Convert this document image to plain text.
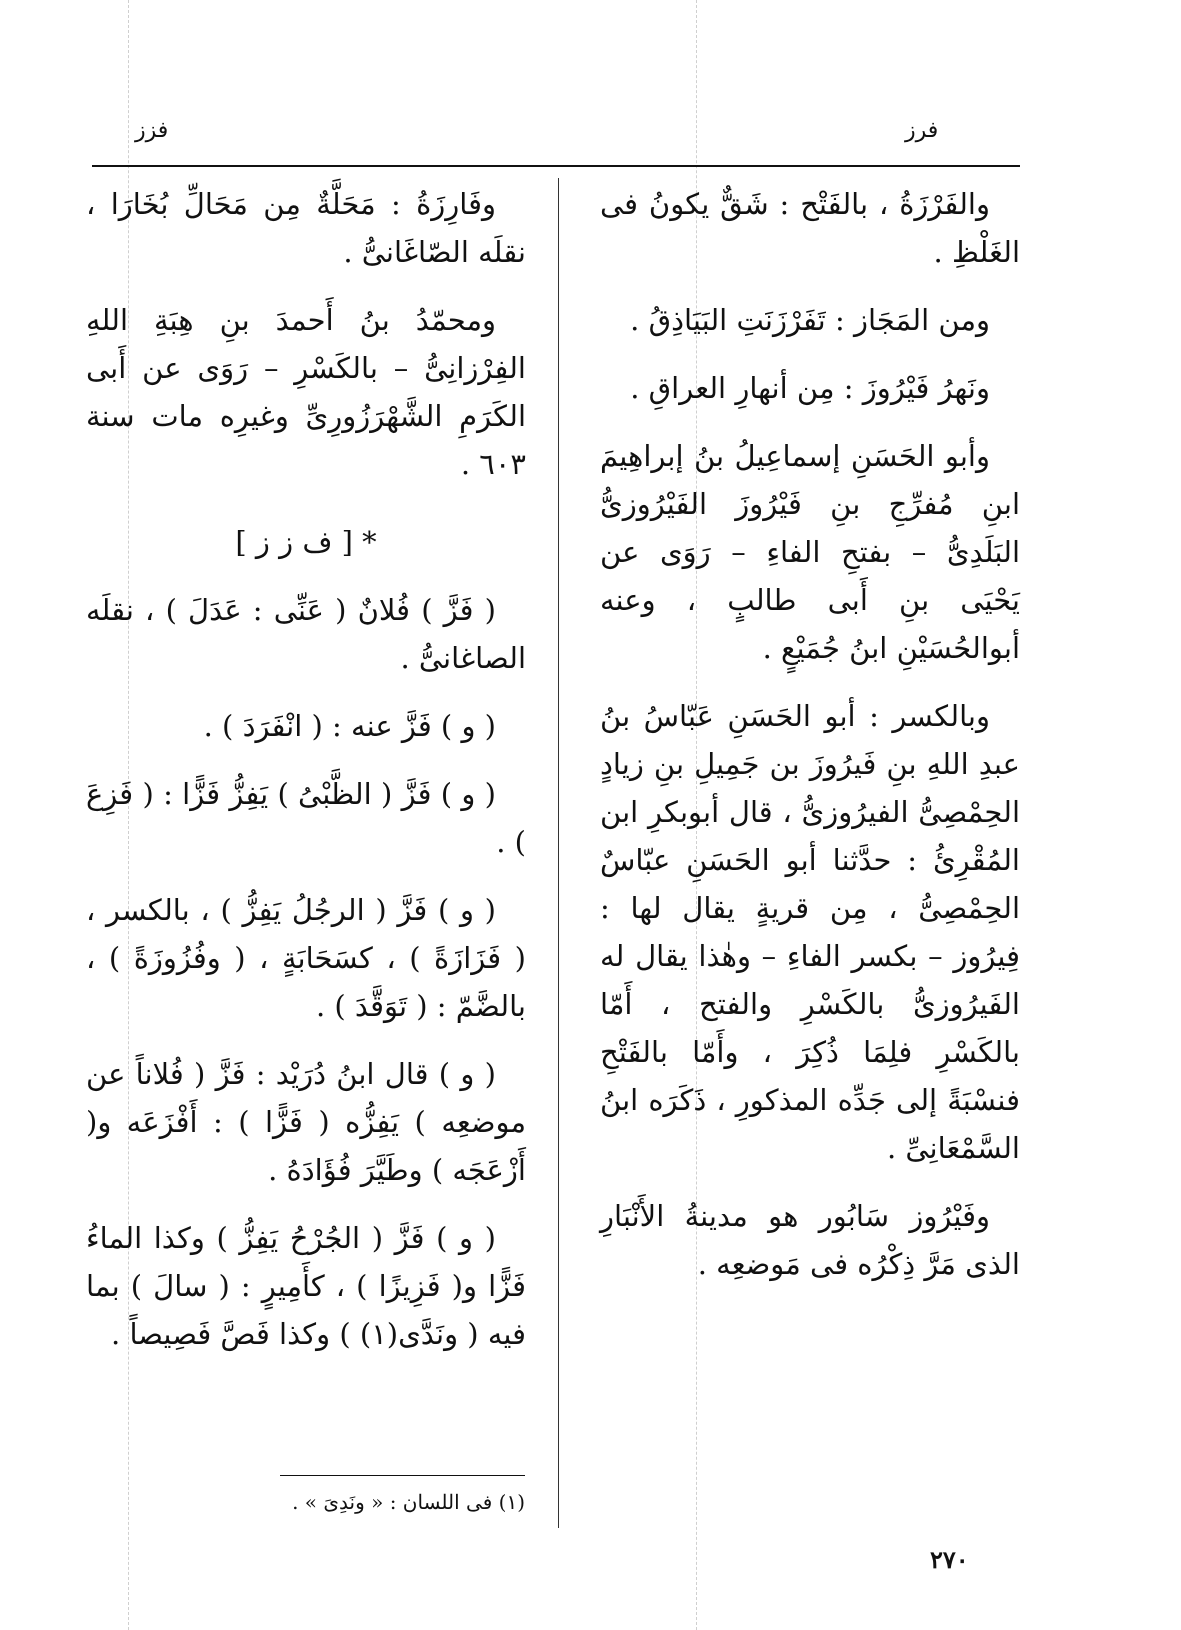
فرز
فزز

والفَرْزَةُ ، بالفَتْح : شَقٌّ يكونُ فى الغَلْظِ .

ومن المَجَاز : تَفَرْزَنَتِ البَيَاذِقُ .

ونَهرُ فَيْرُوزَ : مِن أنهارِ العراقِ .

وأبو الحَسَنِ إسماعِيلُ بنُ إبراهِيمَ ابنِ مُفرِّجِ بنِ فَيْرُوزَ الفَيْرُوزىُّ البَلَدِىُّ – بفتحِ الفاءِ – رَوَى عن يَحْيَى بنِ أَبى طالبٍ ، وعنه أبوالحُسَيْنِ ابنُ جُمَيْعٍ .

وبالكسر : أبو الحَسَنِ عَبّاسُ بنُ عبدِ اللهِ بنِ فَيرُوزَ بن جَمِيلِ بنِ زيادٍ الحِمْصِىُّ الفيرُوزىُّ ، قال أبوبكرِ ابن المُقْرِئُ : حدَّثنا أبو الحَسَنِ عبّاسٌ الحِمْصِىُّ ، مِن قريةٍ يقال لها : فِيرُوز – بكسر الفاءِ – وهٰذا يقال له الفَيرُوزىُّ بالكَسْرِ والفتح ، أَمّا بالكَسْرِ فلِمَا ذُكِرَ ، وأَمّا بالفَتْحِ فنسْبَةً إلى جَدِّه المذكورِ ، ذَكَرَه ابنُ السَّمْعَانِىِّ .

وفَيْرُوز سَابُور هو مدينةُ الأَنْبَارِ الذى مَرَّ ذِكْرُه فى مَوضعِه .

وفَارِزَةُ : مَحَلَّةٌ مِن مَحَالِّ بُخَارَا ، نقلَه الصّاغَانىُّ .

ومحمّدُ بنُ أَحمدَ بنِ هِبَةِ اللهِ الفِرْزانِىُّ – بالكَسْرِ – رَوَى عن أَبى الكَرَمِ الشَّهْرَزُورِىِّ وغيرِه مات سنة ٦٠٣ .

* [ ف ز ز ]

( فَزَّ ) فُلانٌ ( عَنِّى : عَدَلَ ) ، نقلَه الصاغانىُّ .

( و ) فَزَّ عنه : ( انْفَرَدَ ) .

( و ) فَزَّ ( الظَّبْىُ ) يَفِزُّ فَزًّا : ( فَزِعَ ) .

( و ) فَزَّ ( الرجُلُ يَفِزُّ ) ، بالكسر ، ( فَزَازَةً ) ، كسَحَابَةٍ ، ( وفُزُوزَةً ) ، بالضَّمّ : ( تَوَقَّدَ ) .

( و ) قال ابنُ دُرَيْد : فَزَّ ( فُلاناً عن موضعِه ) يَفِزُّه ( فَزًّا ) : أَفْزَعَه و( أَزْعَجَه ) وطَيَّرَ فُؤَادَهُ .

( و ) فَزَّ ( الجُرْحُ يَفِزُّ ) وكذا الماءُ فَزًّا و( فَزِيزًا ) ، كأَمِيرٍ : ( سالَ ) بما فيه ( ونَدَّى(١) ) وكذا فَصَّ فَصِيصاً .

(١) فى اللسان : « ونَدِىَ » .
٢٧٠
